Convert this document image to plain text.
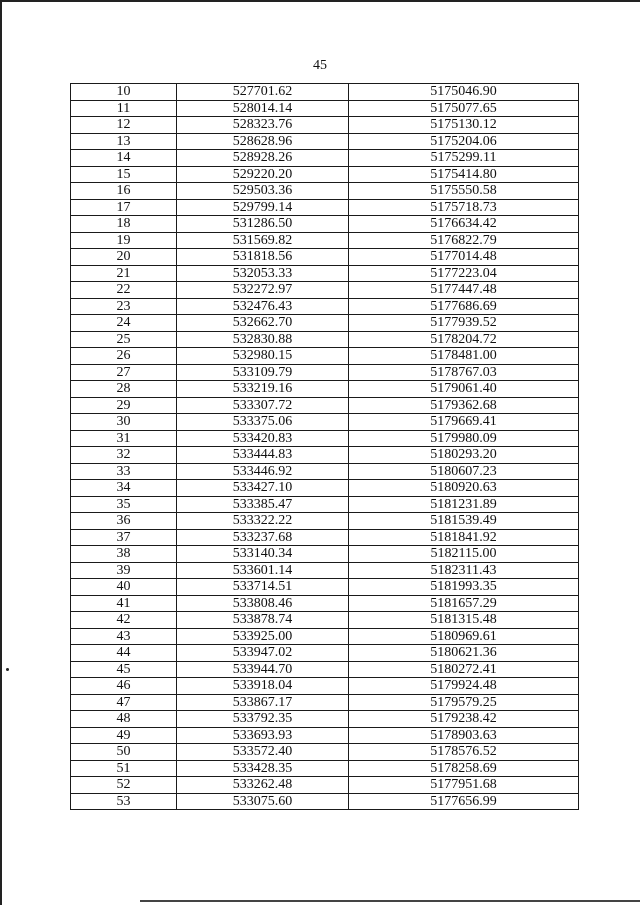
45
10	527701.62	5175046.90
11	528014.14	5175077.65
12	528323.76	5175130.12
13	528628.96	5175204.06
14	528928.26	5175299.11
15	529220.20	5175414.80
16	529503.36	5175550.58
17	529799.14	5175718.73
18	531286.50	5176634.42
19	531569.82	5176822.79
20	531818.56	5177014.48
21	532053.33	5177223.04
22	532272.97	5177447.48
23	532476.43	5177686.69
24	532662.70	5177939.52
25	532830.88	5178204.72
26	532980.15	5178481.00
27	533109.79	5178767.03
28	533219.16	5179061.40
29	533307.72	5179362.68
30	533375.06	5179669.41
31	533420.83	5179980.09
32	533444.83	5180293.20
33	533446.92	5180607.23
34	533427.10	5180920.63
35	533385.47	5181231.89
36	533322.22	5181539.49
37	533237.68	5181841.92
38	533140.34	5182115.00
39	533601.14	5182311.43
40	533714.51	5181993.35
41	533808.46	5181657.29
42	533878.74	5181315.48
43	533925.00	5180969.61
44	533947.02	5180621.36
45	533944.70	5180272.41
46	533918.04	5179924.48
47	533867.17	5179579.25
48	533792.35	5179238.42
49	533693.93	5178903.63
50	533572.40	5178576.52
51	533428.35	5178258.69
52	533262.48	5177951.68
53	533075.60	5177656.99
